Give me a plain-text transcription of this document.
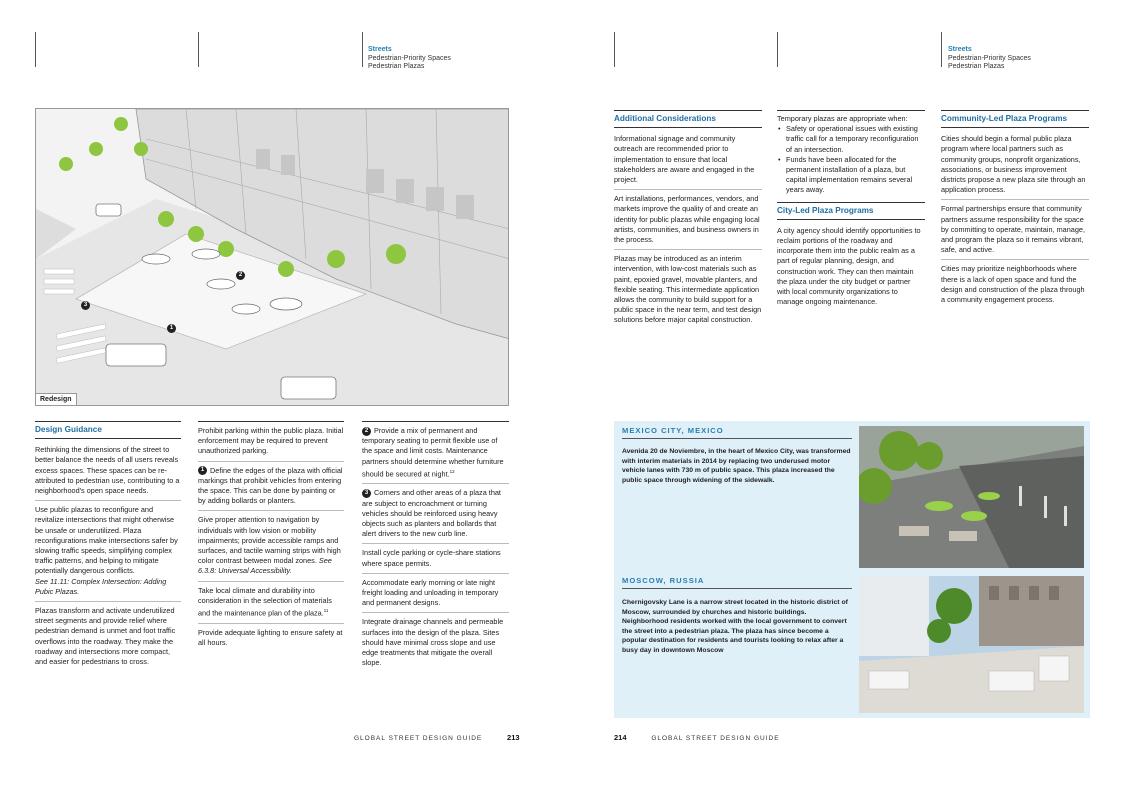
Streets
Pedestrian-Priority Spaces
Pedestrian Plazas
Streets
Pedestrian-Priority Spaces
Pedestrian Plazas
1
2
3
Redesign
Design Guidance

Rethinking the dimensions of the street to better balance the needs of all users reveals excess spaces. These spaces can be re-attributed to pedestrian use, contributing to a neighborhood's open space needs.

Use public plazas to reconfigure and revitalize intersections that might otherwise be unsafe or underutilized. Plaza reconfigurations make intersections safer by slowing traffic speeds, simplifying complex traffic patterns, and helping to mitigate potentially dangerous conflicts.
See 11.11: Complex Intersection: Adding Pubic Plazas.

Plazas transform and activate underutilized street segments and provide relief where pedestrian demand is unmet and foot traffic overflows into the roadway. They make the roadway and intersections more compact, and easier for pedestrians to cross.

Prohibit parking within the public plaza. Initial enforcement may be required to prevent unauthorized parking.

1 Define the edges of the plaza with official markings that prohibit vehicles from entering the space. This can be done by painting or by adding bollards or planters.

Give proper attention to navigation by individuals with low vision or mobility impairments; provide accessible ramps and surfaces, and tactile warning strips with high color contrast between modal zones. See 6.3.8: Universal Accessibility.

Take local climate and durability into consideration in the selection of materials and the maintenance plan of the plaza.$^{11}$

Provide adequate lighting to ensure safety at all hours.

2 Provide a mix of permanent and temporary seating to permit flexible use of the space and limit costs. Maintenance partners should determine whether furniture should be secured at night.$^{12}$

3 Corners and other areas of a plaza that are subject to encroachment or turning vehicles should be reinforced using heavy objects such as planters and bollards that alert drivers to the new curb line.

Install cycle parking or cycle-share stations where space permits.

Accommodate early morning or late night freight loading and unloading in temporary and permanent designs.

Integrate drainage channels and permeable surfaces into the design of the plaza. Sites should have minimal cross slope and use edge treatments that mitigate the overall slope.

Additional Considerations

Informational signage and community outreach are recommended prior to implementation to ensure that local stakeholders are aware and engaged in the project.

Art installations, performances, vendors, and markets improve the quality of and create an identity for public plazas while engaging local artists, communities, and business owners in the process.

Plazas may be introduced as an interim intervention, with low-cost materials such as paint, epoxied gravel, movable planters, and flexible seating. This intermediate application allows the community to build support for a public space in the near term, and test design solutions before major capital construction.

Temporary plazas are appropriate when:
• Safety or operational issues with existing traffic call for a temporary reconfiguration of an intersection.
• Funds have been allocated for the permanent installation of a plaza, but capital implementation remains several years away.
City-Led Plaza Programs

A city agency should identify opportunities to reclaim portions of the roadway and incorporate them into the public realm as a part of regular planning, design, and construction work. They can then maintain the plaza under the city budget or partner with local community organizations to manage ongoing maintenance.

Community-Led Plaza Programs

Cities should begin a formal public plaza program where local partners such as community groups, nonprofit organizations, associations, or business improvement districts propose a new plaza site through an application process.

Formal partnerships ensure that community partners assume responsibility for the space by committing to operate, maintain, manage, and program the plaza so it remains vibrant, safe, and active.

Cities may prioritize neighborhoods where there is a lack of open space and fund the design and construction of the plaza through a community engagement process.

MEXICO CITY, MEXICO
Avenida 20 de Noviembre, in the heart of Mexico City, was transformed with interim materials in 2014 by replacing two underused motor vehicle lanes with 730 m of public space. This plaza increased the public space through widening of the sidewalk.
MOSCOW, RUSSIA
Chernigovsky Lane is a narrow street located in the historic district of Moscow, surrounded by churches and historic buildings. Neighborhood residents worked with the local government to convert the street into a pedestrian plaza. The plaza has since become a popular destination for residents and tourists looking to relax after a busy day in downtown Moscow
GLOBAL STREET DESIGN GUIDE	213	214	GLOBAL STREET DESIGN GUIDE
